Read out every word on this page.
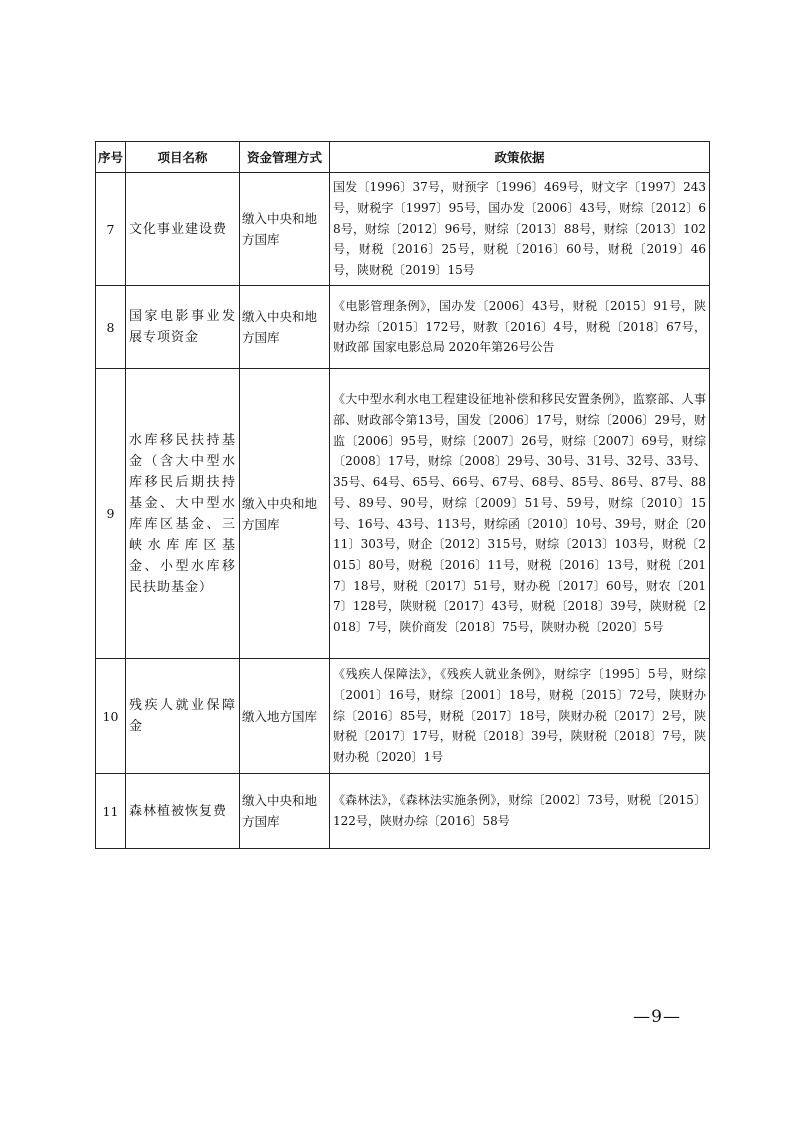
序号	项目名称	资金管理方式	政策依据
7	文化事业建设费	缴入中央和地方国库	国发〔1996〕37号，财预字〔1996〕469号，财文字〔1997〕243号，财税字〔1997〕95号，国办发〔2006〕43号，财综〔2012〕68号，财综〔2012〕96号，财综〔2013〕88号，财综〔2013〕102号，财税〔2016〕25号，财税〔2016〕60号，财税〔2019〕46号，陕财税〔2019〕15号
8	国家电影事业发展专项资金	缴入中央和地方国库	《电影管理条例》，国办发〔2006〕43号，财税〔2015〕91号，陕财办综〔2015〕172号，财教〔2016〕4号，财税〔2018〕67号，财政部 国家电影总局 2020年第26号公告
9	水库移民扶持基金（含大中型水库移民后期扶持基金、大中型水库库区基金、三峡水库库区基金、小型水库移民扶助基金）	缴入中央和地方国库	《大中型水利水电工程建设征地补偿和移民安置条例》，监察部、人事部、财政部令第13号，国发〔2006〕17号，财综〔2006〕29号，财监〔2006〕95号，财综〔2007〕26号，财综〔2007〕69号，财综〔2008〕17号，财综〔2008〕29号、30号、31号、32号、33号、35号、64号、65号、66号、67号、68号、85号、86号、87号、88号、89号、90号，财综〔2009〕51号、59号，财综〔2010〕15号、16号、43号、113号，财综函〔2010〕10号、39号，财企〔2011〕303号，财企〔2012〕315号，财综〔2013〕103号，财税〔2015〕80号，财税〔2016〕11号，财税〔2016〕13号，财税〔2017〕18号，财税〔2017〕51号，财办税〔2017〕60号，财农〔2017〕128号，陕财税〔2017〕43号，财税〔2018〕39号，陕财税〔2018〕7号，陕价商发〔2018〕75号，陕财办税〔2020〕5号
10	残疾人就业保障金	缴入地方国库	《残疾人保障法》，《残疾人就业条例》，财综字〔1995〕5号，财综〔2001〕16号，财综〔2001〕18号，财税〔2015〕72号，陕财办综〔2016〕85号，财税〔2017〕18号，陕财办税〔2017〕2号，陕财税〔2017〕17号，财税〔2018〕39号，陕财税〔2018〕7号，陕财办税〔2020〕1号
11	森林植被恢复费	缴入中央和地方国库	《森林法》，《森林法实施条例》，财综〔2002〕73号，财税〔2015〕122号，陕财办综〔2016〕58号
—9—
